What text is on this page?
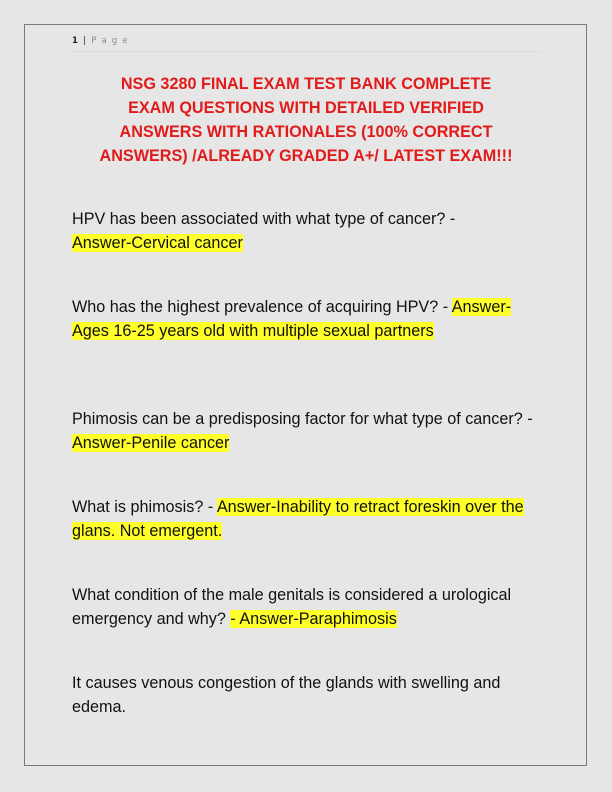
1 | P a g e
NSG 3280 FINAL EXAM TEST BANK COMPLETE
EXAM QUESTIONS WITH DETAILED VERIFIED
ANSWERS WITH RATIONALES (100% CORRECT
ANSWERS) /ALREADY GRADED A+/ LATEST EXAM!!!
HPV has been associated with what type of cancer? -
Answer-Cervical cancer
Who has the highest prevalence of acquiring HPV? - Answer-Ages 16-25 years old with multiple sexual partners
Phimosis can be a predisposing factor for what type of cancer? - Answer-Penile cancer
What is phimosis? - Answer-Inability to retract foreskin over the glans. Not emergent.
What condition of the male genitals is considered a urological emergency and why? - Answer-Paraphimosis
It causes venous congestion of the glands with swelling and edema.
